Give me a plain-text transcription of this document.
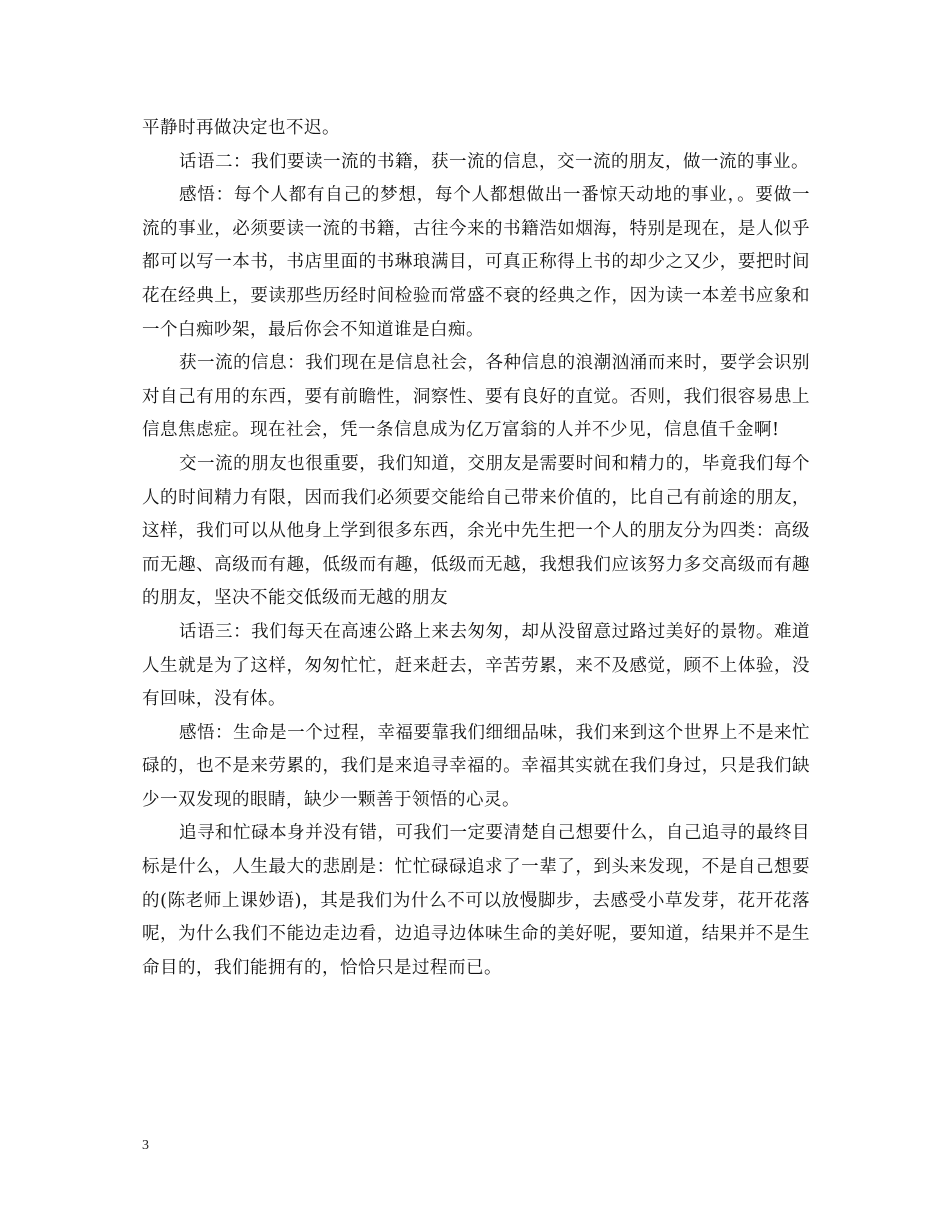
平静时再做决定也不迟。

话语二：我们要读一流的书籍，获一流的信息，交一流的朋友，做一流的事业。

感悟：每个人都有自己的梦想，每个人都想做出一番惊天动地的事业，。要做一流的事业，必须要读一流的书籍，古往今来的书籍浩如烟海，特别是现在，是人似乎都可以写一本书，书店里面的书琳琅满目，可真正称得上书的却少之又少，要把时间花在经典上，要读那些历经时间检验而常盛不衰的经典之作，因为读一本差书应象和一个白痴吵架，最后你会不知道谁是白痴。

获一流的信息：我们现在是信息社会，各种信息的浪潮汹涌而来时，要学会识别对自己有用的东西，要有前瞻性，洞察性、要有良好的直觉。否则，我们很容易患上信息焦虑症。现在社会，凭一条信息成为亿万富翁的人并不少见，信息值千金啊!

交一流的朋友也很重要，我们知道，交朋友是需要时间和精力的，毕竟我们每个人的时间精力有限，因而我们必须要交能给自己带来价值的，比自己有前途的朋友，这样，我们可以从他身上学到很多东西，余光中先生把一个人的朋友分为四类：高级而无趣、高级而有趣，低级而有趣，低级而无越，我想我们应该努力多交高级而有趣的朋友，坚决不能交低级而无越的朋友

话语三：我们每天在高速公路上来去匆匆，却从没留意过路过美好的景物。难道人生就是为了这样，匆匆忙忙，赶来赶去，辛苦劳累，来不及感觉，顾不上体验，没有回味，没有体。

感悟：生命是一个过程，幸福要靠我们细细品味，我们来到这个世界上不是来忙碌的，也不是来劳累的，我们是来追寻幸福的。幸福其实就在我们身过，只是我们缺少一双发现的眼睛，缺少一颗善于领悟的心灵。

追寻和忙碌本身并没有错，可我们一定要清楚自己想要什么，自己追寻的最终目标是什么，人生最大的悲剧是：忙忙碌碌追求了一辈了，到头来发现，不是自己想要的(陈老师上课妙语)，其是我们为什么不可以放慢脚步，去感受小草发芽，花开花落呢，为什么我们不能边走边看，边追寻边体味生命的美好呢，要知道，结果并不是生命目的，我们能拥有的，恰恰只是过程而已。

3
